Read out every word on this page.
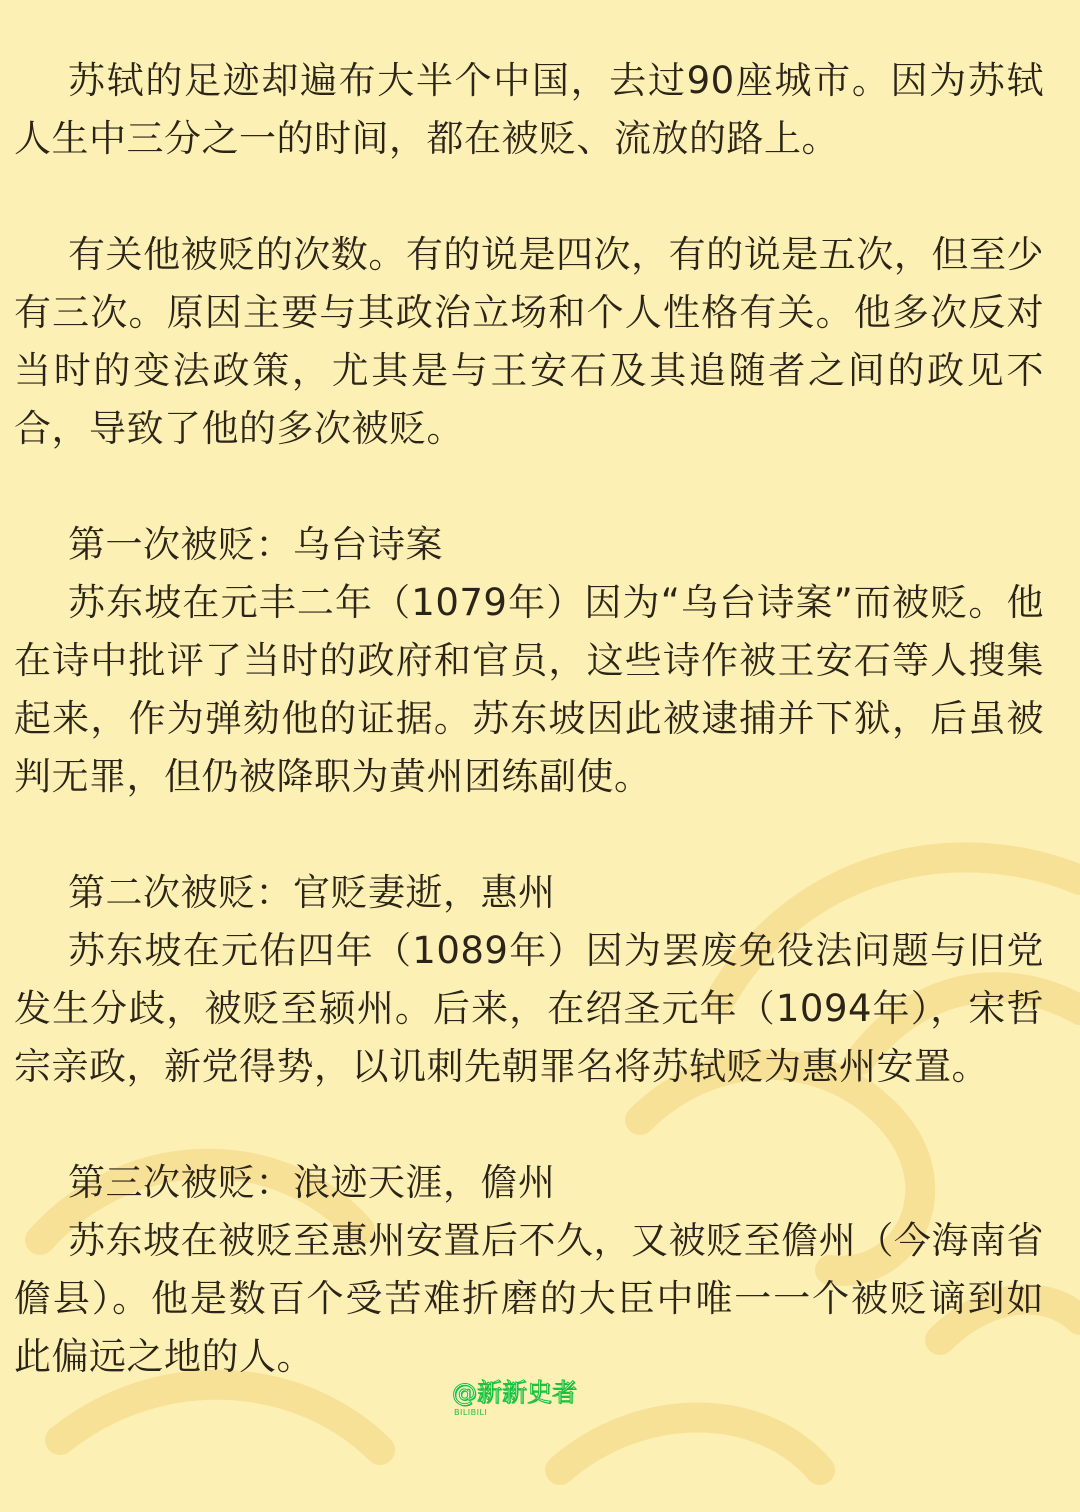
苏轼的足迹却遍布大半个中国，去过90座城市。因为苏轼人生中三分之一的时间，都在被贬、流放的路上。

有关他被贬的次数。有的说是四次，有的说是五次，但至少有三次。原因主要与其政治立场和个人性格有关。他多次反对当时的变法政策，尤其是与王安石及其追随者之间的政见不合，导致了他的多次被贬。

第一次被贬：乌台诗案

苏东坡在元丰二年（1079年）因为“乌台诗案”而被贬。他在诗中批评了当时的政府和官员，这些诗作被王安石等人搜集起来，作为弹劾他的证据。苏东坡因此被逮捕并下狱，后虽被判无罪，但仍被降职为黄州团练副使。

第二次被贬：官贬妻逝，惠州

苏东坡在元佑四年（1089年）因为罢废免役法问题与旧党发生分歧，被贬至颍州。后来，在绍圣元年（1094年），宋哲宗亲政，新党得势，以讥刺先朝罪名将苏轼贬为惠州安置。

第三次被贬：浪迹天涯，儋州

苏东坡在被贬至惠州安置后不久，又被贬至儋州（今海南省儋县）。他是数百个受苦难折磨的大臣中唯一一个被贬谪到如此偏远之地的人。

@新新史者
BILIBILI
